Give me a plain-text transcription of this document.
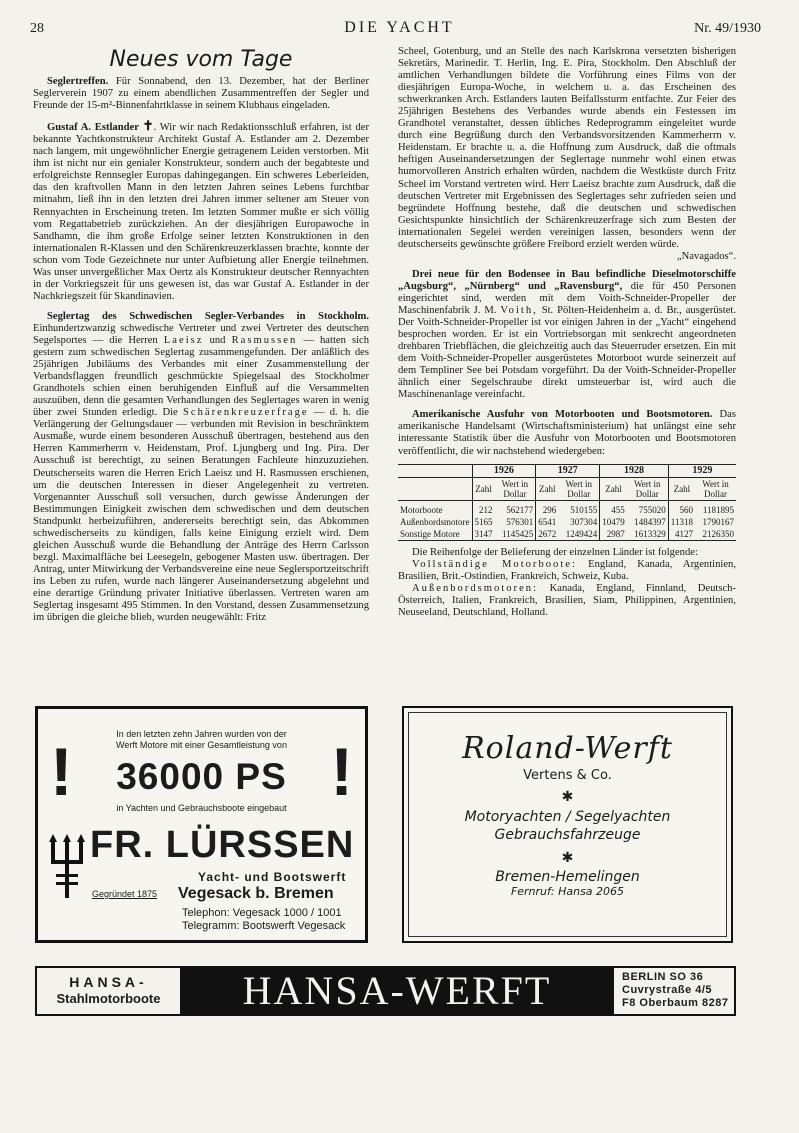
28	DIE YACHT	Nr. 49/1930
Neues vom Tage

Seglertreffen. Für Sonnabend, den 13. Dezember, hat der Berliner Seglerverein 1907 zu einem abendlichen Zusammentreffen der Segler und Freunde der 15-m²-Binnenfahrtklasse in seinem Klubhaus eingeladen.

Gustaf A. Estlander ✝. Wir wir nach Redaktionsschluß erfahren, ist der bekannte Yachtkonstrukteur Architekt Gustaf A. Estlander am 2. Dezember nach langem, mit ungewöhnlicher Energie getragenem Leiden verstorben. Mit ihm ist nicht nur ein genialer Konstrukteur, sondern auch der begabteste und erfolgreichste Rennsegler Europas dahingegangen. Ein schweres Leberleiden, das den kraftvollen Mann in den letzten Jahren seines Lebens furchtbar mitnahm, ließ ihn in den letzten drei Jahren immer seltener am Steuer von Rennyachten in Erscheinung treten. Im letzten Sommer mußte er sich völlig vom Regattabetrieb zurückziehen. An der diesjährigen Europawoche in Sandhamn, die ihm große Erfolge seiner letzten Konstruktionen in den internationalen R-Klassen und den Schärenkreuzerklassen brachte, konnte der schon vom Tode Gezeichnete nur unter Aufbietung aller Energie teilnehmen. Was unser unvergeßlicher Max Oertz als Konstrukteur deutscher Rennyachten in der Vorkriegszeit für uns gewesen ist, das war Gustaf A. Estlander in der Nachkriegszeit für Skandinavien.

Seglertag des Schwedischen Segler-Verbandes in Stockholm. Einhundertzwanzig schwedische Vertreter und zwei Vertreter des deutschen Segelsportes — die Herren Laeisz und Rasmussen — hatten sich gestern zum schwedischen Seglertag zusammengefunden. Der anläßlich des 25jährigen Jubiläums des Verbandes mit einer Zusammenstellung der Verbandsflaggen freundlich geschmückte Spiegelsaal des Stockholmer Grandhotels schien einen beruhigenden Einfluß auf die Versammelten auszuüben, denn die gesamten Verhandlungen des Seglertages waren in wenig über zwei Stunden erledigt. Die Schärenkreuzerfrage — d. h. die Verlängerung der Geltungsdauer — verbunden mit Revision in beschränktem Ausmaße, wurde einem besonderen Ausschuß übertragen, bestehend aus den Herren Kammerherrn v. Heidenstam, Prof. Ljungberg und Ing. Pira. Der Ausschuß ist berechtigt, zu seinen Beratungen Fachleute hinzuzuziehen. Deutscherseits waren die Herren Erich Laeisz und H. Rasmussen erschienen, um die deutschen Interessen in dieser Angelegenheit zu vertreten. Vorgenannter Ausschuß soll versuchen, durch gewisse Änderungen der Bestimmungen Einigkeit zwischen dem schwedischen und dem deutschen Standpunkt herbeizuführen, andererseits berechtigt sein, das Abkommen schwedischerseits zu kündigen, falls keine Einigung erzielt wird. Dem gleichen Ausschuß wurde die Behandlung der Anträge des Herrn Carlsson bezgl. Maximalfläche bei Leesegeln, gebogener Masten usw. übertragen. Der Antrag, unter Mitwirkung der Verbandsvereine eine neue Seglersportzeitschrift ins Leben zu rufen, wurde nach längerer Auseinandersetzung abgelehnt und eine derartige Gründung privater Initiative überlassen. Vertreten waren am Seglertag insgesamt 495 Stimmen. In den Vorstand, dessen Zusammensetzung im übrigen die gleiche blieb, wurden neugewählt: Fritz

Scheel, Gotenburg, und an Stelle des nach Karlskrona versetzten bisherigen Sekretärs, Marinedir. T. Herlin, Ing. E. Pira, Stockholm. Den Abschluß der amtlichen Verhandlungen bildete die Vorführung eines Films von der diesjährigen Europa-Woche, in welchem u. a. das Erscheinen des schwerkranken Arch. Estlanders lauten Beifallssturm entfachte. Zur Feier des 25jährigen Bestehens des Verbandes wurde abends ein Festessen im Grandhotel veranstaltet, dessen übliches Redeprogramm eingeleitet wurde durch eine Begrüßung durch den Verbandsvorsitzenden Kammerherrn v. Heidenstam. Er brachte u. a. die Hoffnung zum Ausdruck, daß die oftmals heftigen Auseinandersetzungen der Seglertage nunmehr wohl einen etwas humorvolleren Anstrich erhalten würden, nachdem die Westküste durch Fritz Scheel im Vorstand vertreten wird. Herr Laeisz brachte zum Ausdruck, daß die deutschen Vertreter mit Ergebnissen des Seglertages sehr zufrieden seien und begründete Hoffnung bestehe, daß die deutschen und schwedischen Gesichtspunkte hinsichtlich der Schärenkreuzerfrage sich zum Besten der internationalen Segelei werden vereinigen lassen, besonders wenn der deutscherseits gewünschte größere Freibord erzielt werden würde.
„Navagados“.

Drei neue für den Bodensee in Bau befindliche Dieselmotorschiffe „Augsburg“, „Nürnberg“ und „Ravensburg“, die für 450 Personen eingerichtet sind, werden mit dem Voith-Schneider-Propeller der Maschinenfabrik J. M. Voith, St. Pölten-Heidenheim a. d. Br., ausgerüstet. Der Voith-Schneider-Propeller ist vor einigen Jahren in der „Yacht“ eingehend besprochen worden. Er ist ein Vortriebsorgan mit senkrecht angeordneten drehbaren Triebflächen, die gleichzeitig auch das Steuerruder ersetzen. Ein mit dem Voith-Schneider-Propeller ausgerüstetes Motorboot wurde seinerzeit auf dem Templiner See bei Potsdam vorgeführt. Da der Voith-Schneider-Propeller ähnlich einer Segelschraube direkt umsteuerbar ist, wird auch die Maschinenanlage vereinfacht.

Amerikanische Ausfuhr von Motorbooten und Bootsmotoren. Das amerikanische Handelsamt (Wirtschaftsministerium) hat unlängst eine sehr interessante Statistik über die Ausfuhr von Motorbooten und Bootsmotoren veröffentlicht, die wir nachstehend wiedergeben:

	1926		1927		1928		1929	
	Zahl	Wert in Dollar	Zahl	Wert in Dollar	Zahl	Wert in Dollar	Zahl	Wert in Dollar
Motorboote	212	562177	296	510155	455	755020	560	1181895
Außenbordsmotore	5165	576301	6541	307304	10479	1484397	11318	1790167
Sonstige Motore	3147	1145425	2672	1249424	2987	1613329	4127	2126350

Die Reihenfolge der Belieferung der einzelnen Länder ist folgende:

Vollständige Motorboote: England, Kanada, Argentinien, Brasilien, Brit.-Ostindien, Frankreich, Schweiz, Kuba.

Außenbordsmotoren: Kanada, England, Finnland, Deutsch-Österreich, Italien, Frankreich, Brasilien, Siam, Philippinen, Argentinien, Neuseeland, Deutschland, Holland.

In den letzten zehn Jahren wurden von der
Werft Motore mit einer Gesamtleistung von
!	!
36000 PS
in Yachten und Gebrauchsboote eingebaut
FR. LÜRSSEN
Yacht- und Bootswerft
Gegründet 1875 Vegesack b. Bremen
Telephon: Vegesack 1000 / 1001
Telegramm: Bootswerft Vegesack
Roland-Werft
Vertens & Co.
✱
Motoryachten / Segelyachten
Gebrauchsfahrzeuge
✱
Bremen-Hemelingen
Fernruf: Hansa 2065
HANSA-
Stahlmotorboote	HANSA-WERFT	BERLIN SO 36
Cuvrystraße 4/5
F8 Oberbaum 8287
